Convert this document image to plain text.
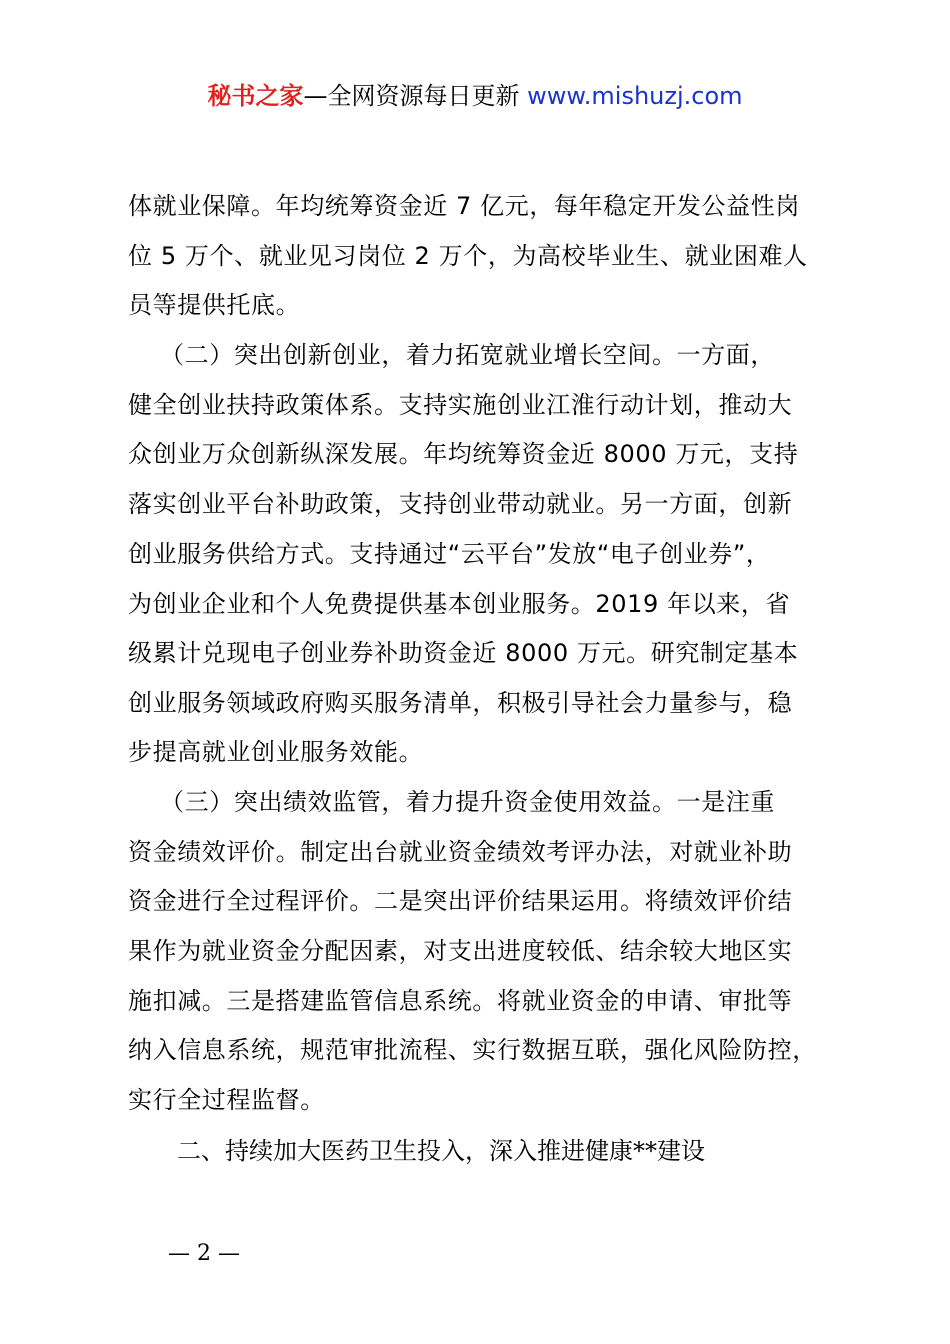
秘书之家—全网资源每日更新 www.mishuzj.com
体就业保障。年均统筹资金近 7 亿元，每年稳定开发公益性岗
位 5 万个、就业见习岗位 2 万个，为高校毕业生、就业困难人
员等提供托底。
（二）突出创新创业，着力拓宽就业增长空间。一方面，
健全创业扶持政策体系。支持实施创业江淮行动计划，推动大
众创业万众创新纵深发展。年均统筹资金近 8000 万元，支持
落实创业平台补助政策，支持创业带动就业。另一方面，创新
创业服务供给方式。支持通过“云平台”发放“电子创业券”，
为创业企业和个人免费提供基本创业服务。2019 年以来，省
级累计兑现电子创业券补助资金近 8000 万元。研究制定基本
创业服务领域政府购买服务清单，积极引导社会力量参与，稳
步提高就业创业服务效能。
（三）突出绩效监管，着力提升资金使用效益。一是注重
资金绩效评价。制定出台就业资金绩效考评办法，对就业补助
资金进行全过程评价。二是突出评价结果运用。将绩效评价结
果作为就业资金分配因素，对支出进度较低、结余较大地区实
施扣减。三是搭建监管信息系统。将就业资金的申请、审批等
纳入信息系统，规范审批流程、实行数据互联，强化风险防控，
实行全过程监督。
二、持续加大医药卫生投入，深入推进健康**建设
— 2 —
